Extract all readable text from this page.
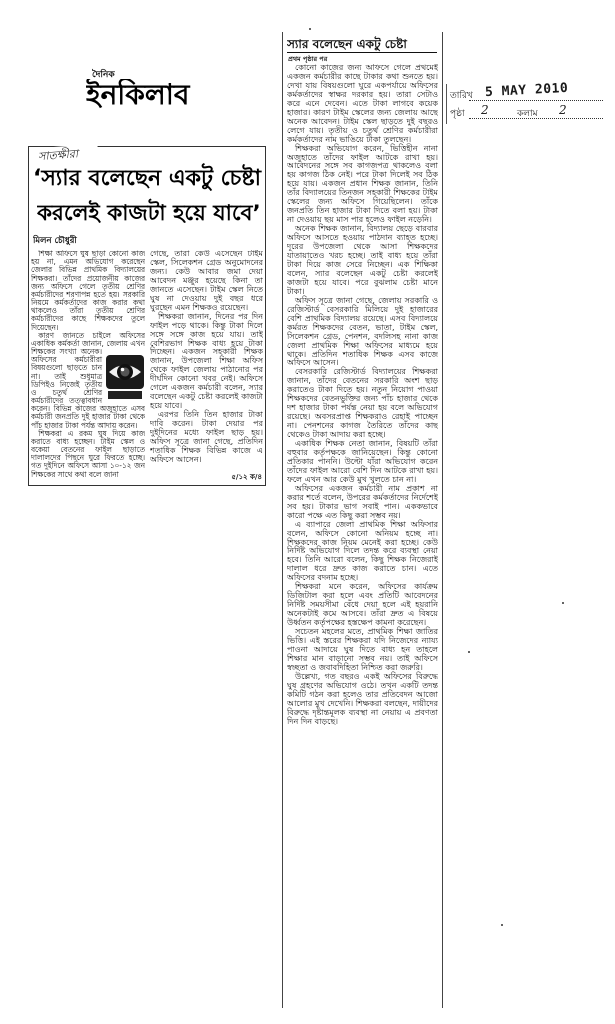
দৈনিক
ইনকিলাব	তারিখ 5 MAY 2010
পৃষ্ঠা 2	কলাম 2
সাতক্ষীরা
‘স্যার বলেছেন একটু চেষ্টা
করলেই কাজটা হয়ে যাবে’
মিলন চৌধুরী

শিক্ষা অফিসে ঘুষ ছাড়া কোনো কাজ হয় না, এমন অভিযোগ করেছেন জেলার বিভিন্ন প্রাথমিক বিদ্যালয়ের শিক্ষকরা। তাঁদের প্রয়োজনীয় কাজের জন্য অফিসে গেলে তৃতীয় শ্রেণির কর্মচারীদের শরণাপন্ন হতে হয়। সরকারি নিয়মে কর্মকর্তাদের কাজ করার কথা থাকলেও তাঁরা তৃতীয় শ্রেণির কর্মচারীদের কাছে শিক্ষকদের তুলে দিয়েছেন।

কারণ জানতে চাইলে অফিসের একাধিক কর্মকর্তা জানান, জেলায় এখন শিক্ষকের সংখ্যা অনেক। অফিসের কর্মচারীরা বিষয়গুলো ছাড়তে চান না। তাই শুধুমাত্র ডিপিইও নিজেই তৃতীয় ও চতুর্থ শ্রেণির কর্মচারীদের তত্ত্বাবধান করেন। বিভিন্ন কাজের অজুহাতে এসব কর্মচারী জনপ্রতি দুই হাজার টাকা থেকে পাঁচ হাজার টাকা পর্যন্ত আদায় করেন।

শিক্ষকরা এ রকম ঘুষ দিয়ে কাজ করাতে বাধ্য হচ্ছেন। টাইম স্কেল ও বকেয়া বেতনের ফাইল ছাড়াতে দালালদের পিছনে ঘুরে ফিরতে হচ্ছে। গত দুইদিনে অফিসে আসা ১০-১২ জন শিক্ষকের সাথে কথা বলে জানা

গেছে, তাঁরা কেউ এসেছেন টাইম স্কেল, সিলেকশন গ্রেড অনুমোদনের জন্য। কেউ আবার জমা দেয়া আবেদন মঞ্জুর হয়েছে কিনা তা জানতে এসেছেন। টাইম স্কেল নিতে ঘুষ না দেওয়ায় দুই বছর ধরে ঘুরছেন এমন শিক্ষকও রয়েছেন।

শিক্ষকরা জানান, দিনের পর দিন ফাইল পড়ে থাকে। কিন্তু টাকা দিলে সঙ্গে সঙ্গে কাজ হয়ে যায়। তাই বেশিরভাগ শিক্ষক বাধ্য হয়ে টাকা দিচ্ছেন। একজন সহকারী শিক্ষক জানান, উপজেলা শিক্ষা অফিস থেকে ফাইল জেলায় পাঠানোর পর দীর্ঘদিন কোনো খবর নেই। অফিসে গেলে একজন কর্মচারী বলেন, স্যার বলেছেন একটু চেষ্টা করলেই কাজটা হয়ে যাবে।

এরপর তিনি তিন হাজার টাকা দাবি করেন। টাকা দেয়ার পর দুইদিনের মধ্যে ফাইল ছাড় হয়। অফিস সূত্রে জানা গেছে, প্রতিদিন শতাধিক শিক্ষক বিভিন্ন কাজে এ অফিসে আসেন।

৫/১২ ক/৪
স্যার বলেছেন একটু চেষ্টা
প্রথম পৃষ্ঠার পর

কোনো কাজের জন্য অফিসে গেলে প্রথমেই একজন কর্মচারীর কাছে টাকার কথা শুনতে হয়। দেখা যায় বিষয়গুলো ঘুরে একপর্যায়ে অফিসের কর্মকর্তাদের স্বাক্ষর দরকার হয়। তারা সেটাও করে এনে দেবেন। এতে টাকা লাগবে কয়েক হাজার। কারণ টাইম স্কেলের জন্য জেলায় আছে অনেক আবেদন। টাইম স্কেল ছাড়তে দুই বছরও লেগে যায়। তৃতীয় ও চতুর্থ শ্রেণির কর্মচারীরা কর্মকর্তাদের নাম ভাঙিয়ে টাকা তুলছেন।

শিক্ষকরা অভিযোগ করেন, ভিত্তিহীন নানা অজুহাতে তাঁদের ফাইল আটকে রাখা হয়। আবেদনের সঙ্গে সব কাগজপত্র থাকলেও বলা হয় কাগজ ঠিক নেই। পরে টাকা দিলেই সব ঠিক হয়ে যায়। একজন প্রধান শিক্ষক জানান, তিনি তাঁর বিদ্যালয়ের তিনজন সহকারী শিক্ষকের টাইম স্কেলের জন্য অফিসে গিয়েছিলেন। তাঁকে জনপ্রতি তিন হাজার টাকা দিতে বলা হয়। টাকা না দেওয়ায় ছয় মাস পার হলেও ফাইল নড়েনি।

অনেক শিক্ষক জানান, বিদ্যালয় ছেড়ে বারবার অফিসে আসতে হওয়ায় পাঠদান ব্যাহত হচ্ছে। দূরের উপজেলা থেকে আসা শিক্ষকদের যাতায়াতেও খরচ হচ্ছে। তাই বাধ্য হয়ে তাঁরা টাকা দিয়ে কাজ সেরে নিচ্ছেন। এক শিক্ষিকা বলেন, স্যার বলেছেন একটু চেষ্টা করলেই কাজটা হয়ে যাবে। পরে বুঝলাম চেষ্টা মানে টাকা।

অফিস সূত্রে জানা গেছে, জেলায় সরকারি ও রেজিস্টার্ড বেসরকারি মিলিয়ে দুই হাজারের বেশি প্রাথমিক বিদ্যালয় রয়েছে। এসব বিদ্যালয়ে কর্মরত শিক্ষকদের বেতন, ভাতা, টাইম স্কেল, সিলেকশন গ্রেড, পেনশন, বদলিসহ নানা কাজ জেলা প্রাথমিক শিক্ষা অফিসের মাধ্যমে হয়ে থাকে। প্রতিদিন শতাধিক শিক্ষক এসব কাজে অফিসে আসেন।

বেসরকারি রেজিস্টার্ড বিদ্যালয়ের শিক্ষকরা জানান, তাঁদের বেতনের সরকারি অংশ ছাড় করাতেও টাকা দিতে হয়। নতুন নিয়োগ পাওয়া শিক্ষকদের বেতনভুক্তির জন্য পাঁচ হাজার থেকে দশ হাজার টাকা পর্যন্ত নেয়া হয় বলে অভিযোগ রয়েছে। অবসরপ্রাপ্ত শিক্ষকরাও রেহাই পাচ্ছেন না। পেনশনের কাগজ তৈরিতে তাঁদের কাছ থেকেও টাকা আদায় করা হচ্ছে।

একাধিক শিক্ষক নেতা জানান, বিষয়টি তাঁরা বহুবার কর্তৃপক্ষকে জানিয়েছেন। কিন্তু কোনো প্রতিকার পাননি। উল্টো যাঁরা অভিযোগ করেন তাঁদের ফাইল আরো বেশি দিন আটকে রাখা হয়। ফলে এখন আর কেউ মুখ খুলতে চান না।

অফিসের একজন কর্মচারী নাম প্রকাশ না করার শর্তে বলেন, উপরের কর্মকর্তাদের নির্দেশেই সব হয়। টাকার ভাগ সবাই পান। এককভাবে কারো পক্ষে এত কিছু করা সম্ভব নয়।

এ ব্যাপারে জেলা প্রাথমিক শিক্ষা অফিসার বলেন, অফিসে কোনো অনিয়ম হচ্ছে না। শিক্ষকদের কাজ নিয়ম মেনেই করা হচ্ছে। কেউ নির্দিষ্ট অভিযোগ দিলে তদন্ত করে ব্যবস্থা নেয়া হবে। তিনি আরো বলেন, কিছু শিক্ষক নিজেরাই দালাল ধরে দ্রুত কাজ করাতে চান। এতে অফিসের বদনাম হচ্ছে।

শিক্ষকরা মনে করেন, অফিসের কার্যক্রম ডিজিটাল করা হলে এবং প্রতিটি আবেদনের নির্দিষ্ট সময়সীমা বেঁধে দেয়া হলে এই হয়রানি অনেকটাই কমে আসবে। তাঁরা দ্রুত এ বিষয়ে উর্ধ্বতন কর্তৃপক্ষের হস্তক্ষেপ কামনা করেছেন।

সচেতন মহলের মতে, প্রাথমিক শিক্ষা জাতির ভিত্তি। এই স্তরের শিক্ষকরা যদি নিজেদের ন্যায্য পাওনা আদায়ে ঘুষ দিতে বাধ্য হন তাহলে শিক্ষার মান বাড়ানো সম্ভব নয়। তাই অফিসে স্বচ্ছতা ও জবাবদিহিতা নিশ্চিত করা জরুরি।

উল্লেখ্য, গত বছরও একই অফিসের বিরুদ্ধে ঘুষ গ্রহণের অভিযোগ ওঠে। তখন একটি তদন্ত কমিটি গঠন করা হলেও তার প্রতিবেদন আজো আলোর মুখ দেখেনি। শিক্ষকরা বলছেন, দায়ীদের বিরুদ্ধে দৃষ্টান্তমূলক ব্যবস্থা না নেয়ায় এ প্রবণতা দিন দিন বাড়ছে।
